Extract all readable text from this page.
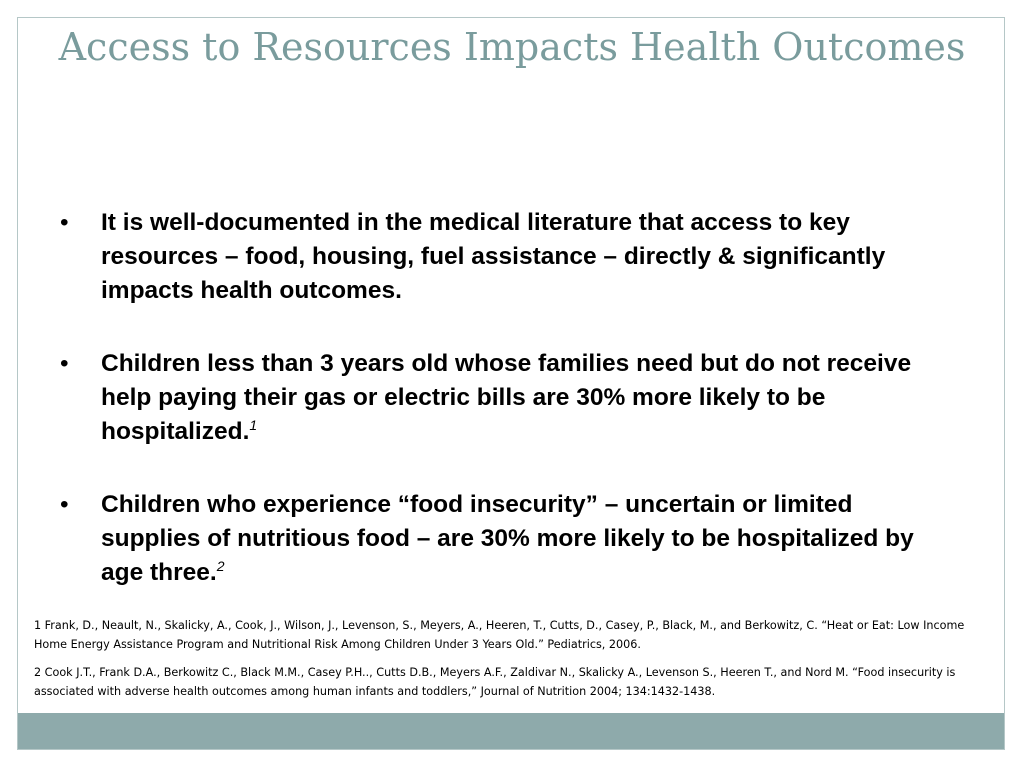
Access to Resources Impacts Health Outcomes
• It is well-documented in the medical literature that access to key resources – food, housing, fuel assistance – directly & significantly impacts health outcomes.
• Children less than 3 years old whose families need but do not receive help paying their gas or electric bills are 30% more likely to be hospitalized.$^1$
• Children who experience “food insecurity” – uncertain or limited supplies of nutritious food – are 30% more likely to be hospitalized by age three.$^2$

1 Frank, D., Neault, N., Skalicky, A., Cook, J., Wilson, J., Levenson, S., Meyers, A., Heeren, T., Cutts, D., Casey, P., Black, M., and Berkowitz, C. “Heat or Eat: Low Income Home Energy Assistance Program and Nutritional Risk Among Children Under 3 Years Old.” Pediatrics, 2006.

2 Cook J.T., Frank D.A., Berkowitz C., Black M.M., Casey P.H.., Cutts D.B., Meyers A.F., Zaldivar N., Skalicky A., Levenson S., Heeren T., and Nord M. “Food insecurity is associated with adverse health outcomes among human infants and toddlers,” Journal of Nutrition 2004; 134:1432-1438.
